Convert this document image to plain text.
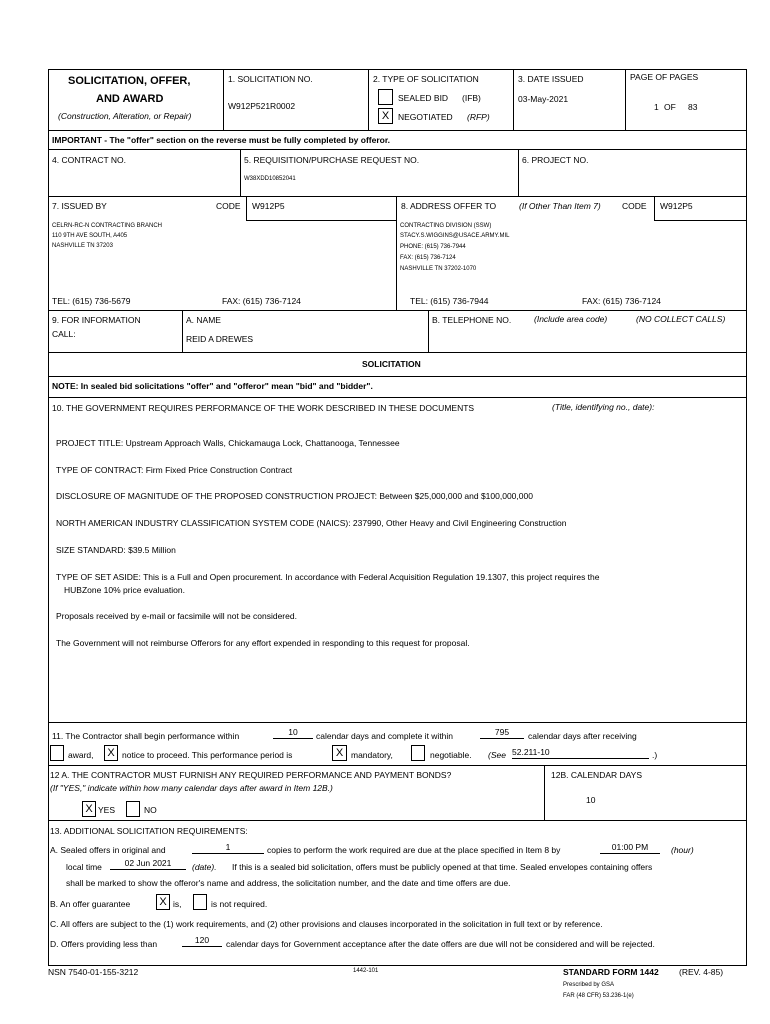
SOLICITATION, OFFER,
AND AWARD
(Construction, Alteration, or Repair)
1. SOLICITATION NO.
W912P521R0002
2. TYPE OF SOLICITATION
SEALED BID (IFB)
X	NEGOTIATED (RFP)
3. DATE ISSUED
03-May-2021
PAGE OF PAGES
1 OF 83
IMPORTANT - The "offer" section on the reverse must be fully completed by offeror.
4. CONTRACT NO.	5. REQUISITION/PURCHASE REQUEST NO.
W38XDD10852041
6. PROJECT NO.
7. ISSUED BY	CODE W912P5
CELRN-RC-N CONTRACTING BRANCH
110 9TH AVE SOUTH, A405
NASHVILLE TN 37203
TEL: (615) 736-5679	FAX: (615) 736-7124
8. ADDRESS OFFER TO	(If Other Than Item 7)	CODE W912P5
CONTRACTING DIVISION (SSW)
STACY.S.WIGGINS@USACE.ARMY.MIL
PHONE: (615) 736-7944
FAX: (615) 736-7124
NASHVILLE TN 37202-1070
TEL: (615) 736-7944	FAX: (615) 736-7124
9. FOR INFORMATION
CALL:
A. NAME
REID A DREWES
B. TELEPHONE NO.	(Include area code)	(NO COLLECT CALLS)
SOLICITATION
NOTE: In sealed bid solicitations "offer" and "offeror" mean "bid" and "bidder".
10. THE GOVERNMENT REQUIRES PERFORMANCE OF THE WORK DESCRIBED IN THESE DOCUMENTS	(Title, identifying no., date):
PROJECT TITLE: Upstream Approach Walls, Chickamauga Lock, Chattanooga, Tennessee
TYPE OF CONTRACT: Firm Fixed Price Construction Contract
DISCLOSURE OF MAGNITUDE OF THE PROPOSED CONSTRUCTION PROJECT: Between $25,000,000 and $100,000,000
NORTH AMERICAN INDUSTRY CLASSIFICATION SYSTEM CODE (NAICS): 237990, Other Heavy and Civil Engineering Construction
SIZE STANDARD: $39.5 Million
TYPE OF SET ASIDE: This is a Full and Open procurement. In accordance with Federal Acquisition Regulation 19.1307, this project requires the
HUBZone 10% price evaluation.
Proposals received by e-mail or facsimile will not be considered.
The Government will not reimburse Offerors for any effort expended in responding to this request for proposal.
11. The Contractor shall begin performance within	10	calendar days and complete it within	795	calendar days after receiving
award,	X notice to proceed. This performance period is	X mandatory,	negotiable. (See 52.211-10	.)
12 A. THE CONTRACTOR MUST FURNISH ANY REQUIRED PERFORMANCE AND PAYMENT BONDS?
(If "YES," indicate within how many calendar days after award in Item 12B.)
X YES	NO
12B. CALENDAR DAYS
10
13. ADDITIONAL SOLICITATION REQUIREMENTS:
A. Sealed offers in original and	1	copies to perform the work required are due at the place specified in Item 8 by	01:00 PM	(hour)
local time	02 Jun 2021	(date). If this is a sealed bid solicitation, offers must be publicly opened at that time. Sealed envelopes containing offers
shall be marked to show the offeror's name and address, the solicitation number, and the date and time offers are due.
B. An offer guarantee	X is,	is not required.
C. All offers are subject to the (1) work requirements, and (2) other provisions and clauses incorporated in the solicitation in full text or by reference.
D. Offers providing less than	120	calendar days for Government acceptance after the date offers are due will not be considered and will be rejected.
NSN 7540-01-155-3212	1442-101	STANDARD FORM 1442 (REV. 4-85)
Prescribed by GSA
FAR (48 CFR) 53.236-1(e)
